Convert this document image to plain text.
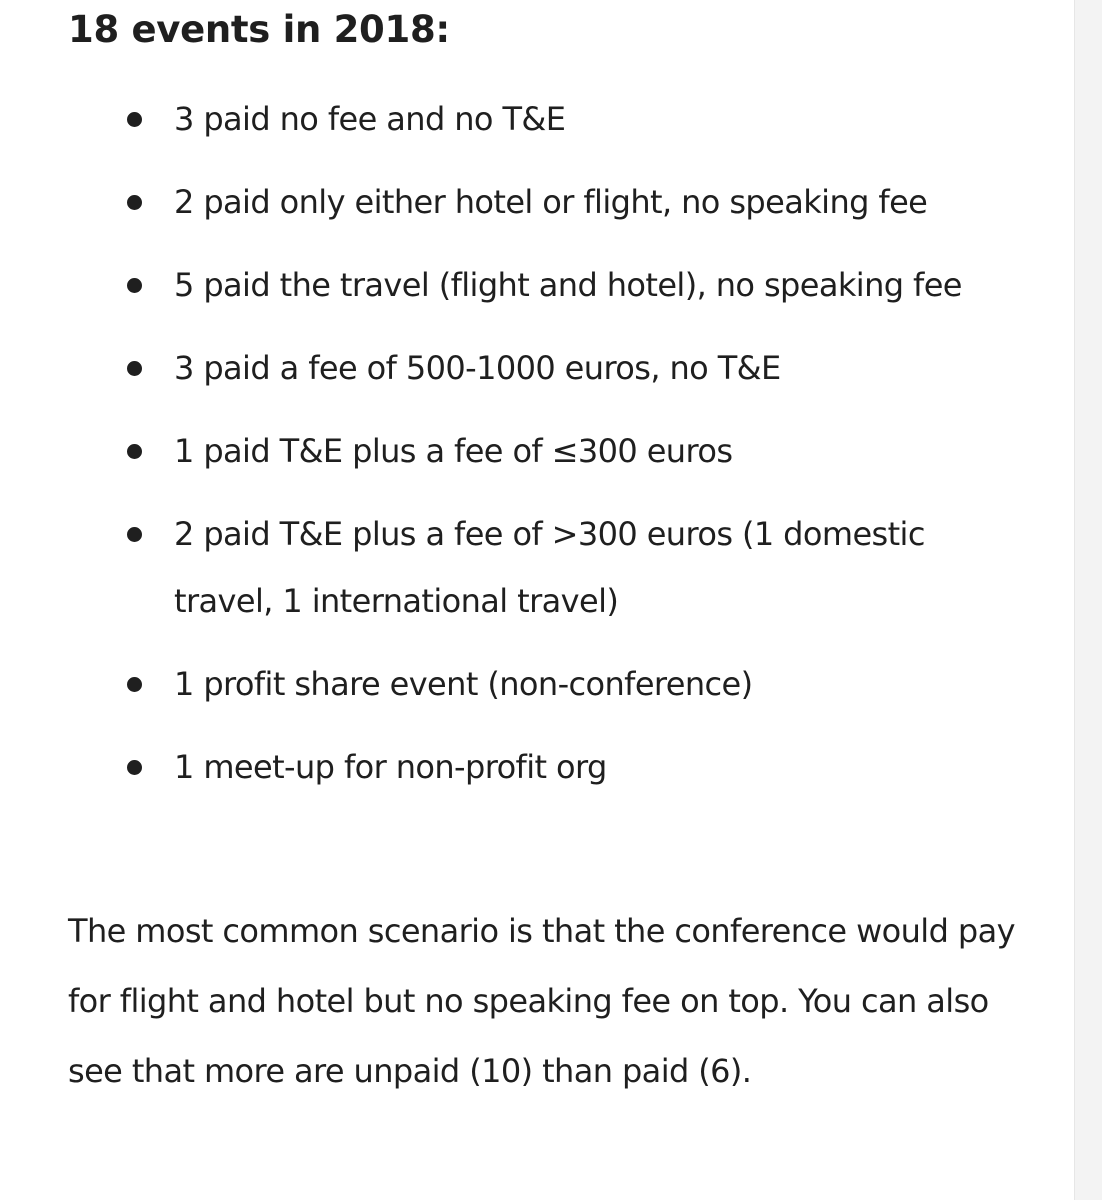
18 events in 2018:
3 paid no fee and no T&E
2 paid only either hotel or flight, no speaking fee
5 paid the travel (flight and hotel), no speaking fee
3 paid a fee of 500-1000 euros, no T&E
1 paid T&E plus a fee of ≤300 euros
2 paid T&E plus a fee of >300 euros (1 domestic travel, 1 international travel)
1 profit share event (non-conference)
1 meet-up for non-profit org

The most common scenario is that the conference would pay for flight and hotel but no speaking fee on top. You can also see that more are unpaid (10) than paid (6).
